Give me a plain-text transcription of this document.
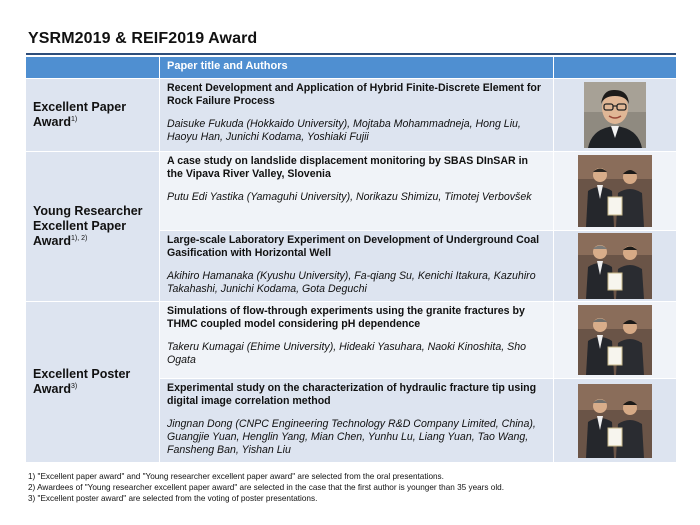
YSRM2019 & REIF2019 Award
Paper title and Authors
Excellent Paper
Award$^{1)}$
Young Researcher
Excellent Paper
Award$^{1), 2)}$
Excellent Poster
Award$^{3)}$
Recent Development and Application of Hybrid Finite-Discrete Element for Rock Failure Process
Daisuke Fukuda (Hokkaido University), Mojtaba Mohammadneja, Hong Liu, Haoyu Han, Junichi Kodama, Yoshiaki Fujii
A case study on landslide displacement monitoring by SBAS DInSAR in the Vipava River Valley, Slovenia
Putu Edi Yastika (Yamaguhi University), Norikazu Shimizu, Timotej Verbovšek
Large-scale Laboratory Experiment on Development of Underground Coal Gasification with Horizontal Well
Akihiro Hamanaka (Kyushu University), Fa-qiang Su, Kenichi Itakura, Kazuhiro Takahashi, Junichi Kodama, Gota Deguchi
Simulations of flow-through experiments using the granite fractures by THMC coupled model considering pH dependence
Takeru Kumagai (Ehime University), Hideaki Yasuhara, Naoki Kinoshita, Sho Ogata
Experimental study on the characterization of hydraulic fracture tip using digital image correlation method
Jingnan Dong (CNPC Engineering Technology R&D Company Limited, China), Guangjie Yuan, Henglin Yang, Mian Chen, Yunhu Lu, Liang Yuan, Tao Wang, Fansheng Ban, Yishan Liu
1) "Excellent paper award" and "Young researcher excellent paper award" are selected from the oral presentations.
2) Awardees of "Young researcher excellent paper award" are selected in the case that the first author is younger than 35 years old.
3) "Excellent poster award" are selected from the voting of poster presentations.
